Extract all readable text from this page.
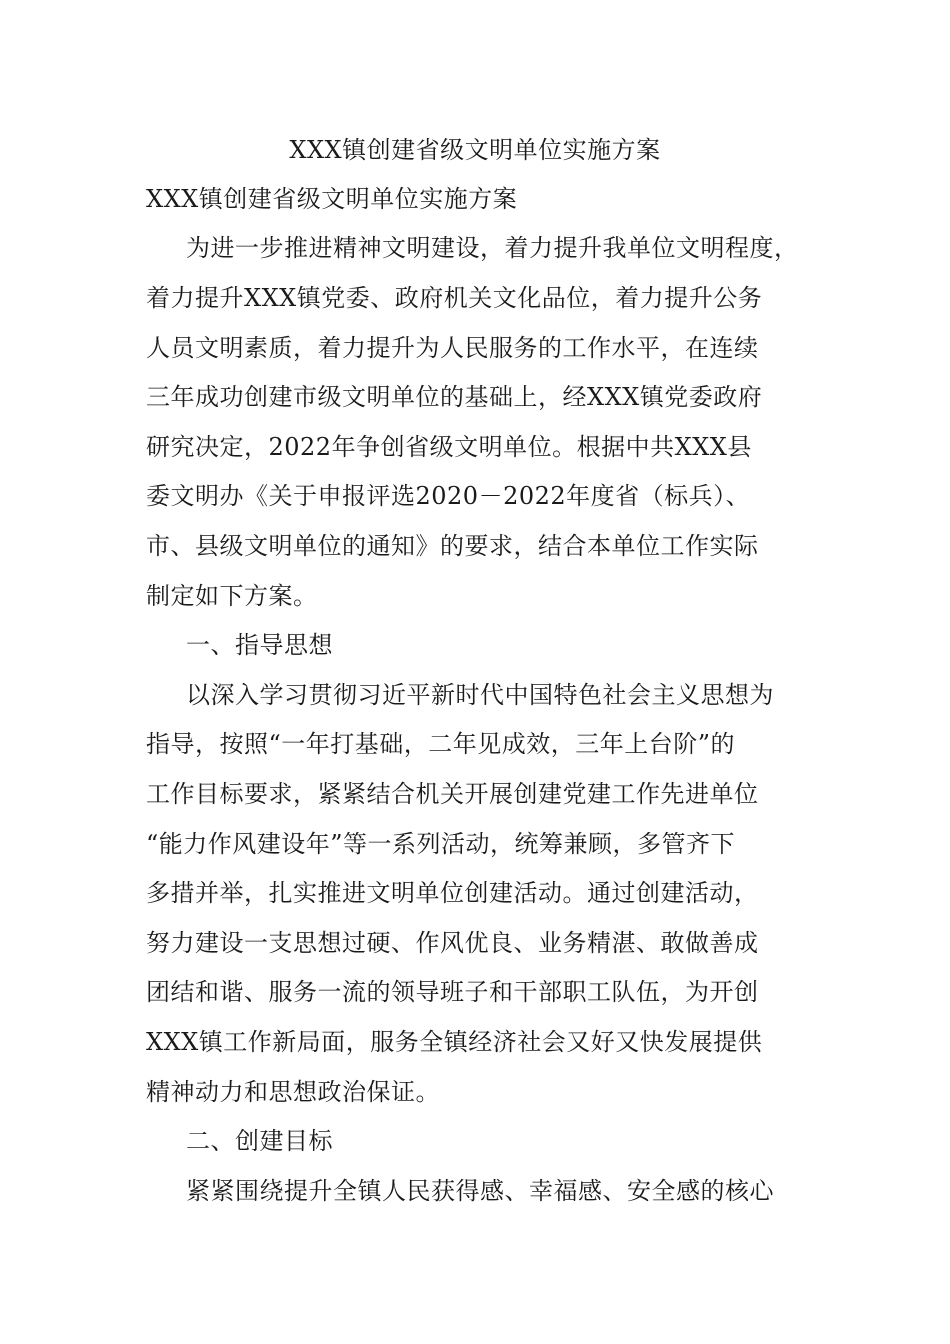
XXX镇创建省级文明单位实施方案
XXX镇创建省级文明单位实施方案
为进一步推进精神文明建设，着力提升我单位文明程度，
着力提升XXX镇党委、政府机关文化品位，着力提升公务
人员文明素质，着力提升为人民服务的工作水平，在连续
三年成功创建市级文明单位的基础上，经XXX镇党委政府
研究决定，2022年争创省级文明单位。根据中共XXX县
委文明办《关于申报评选2020－2022年度省（标兵）、
市、县级文明单位的通知》的要求，结合本单位工作实际
制定如下方案。
一、指导思想
以深入学习贯彻习近平新时代中国特色社会主义思想为
指导，按照“一年打基础，二年见成效，三年上台阶”的
工作目标要求，紧紧结合机关开展创建党建工作先进单位
“能力作风建设年”等一系列活动，统筹兼顾，多管齐下
多措并举，扎实推进文明单位创建活动。通过创建活动，
努力建设一支思想过硬、作风优良、业务精湛、敢做善成
团结和谐、服务一流的领导班子和干部职工队伍，为开创
XXX镇工作新局面，服务全镇经济社会又好又快发展提供
精神动力和思想政治保证。
二、创建目标
紧紧围绕提升全镇人民获得感、幸福感、安全感的核心
